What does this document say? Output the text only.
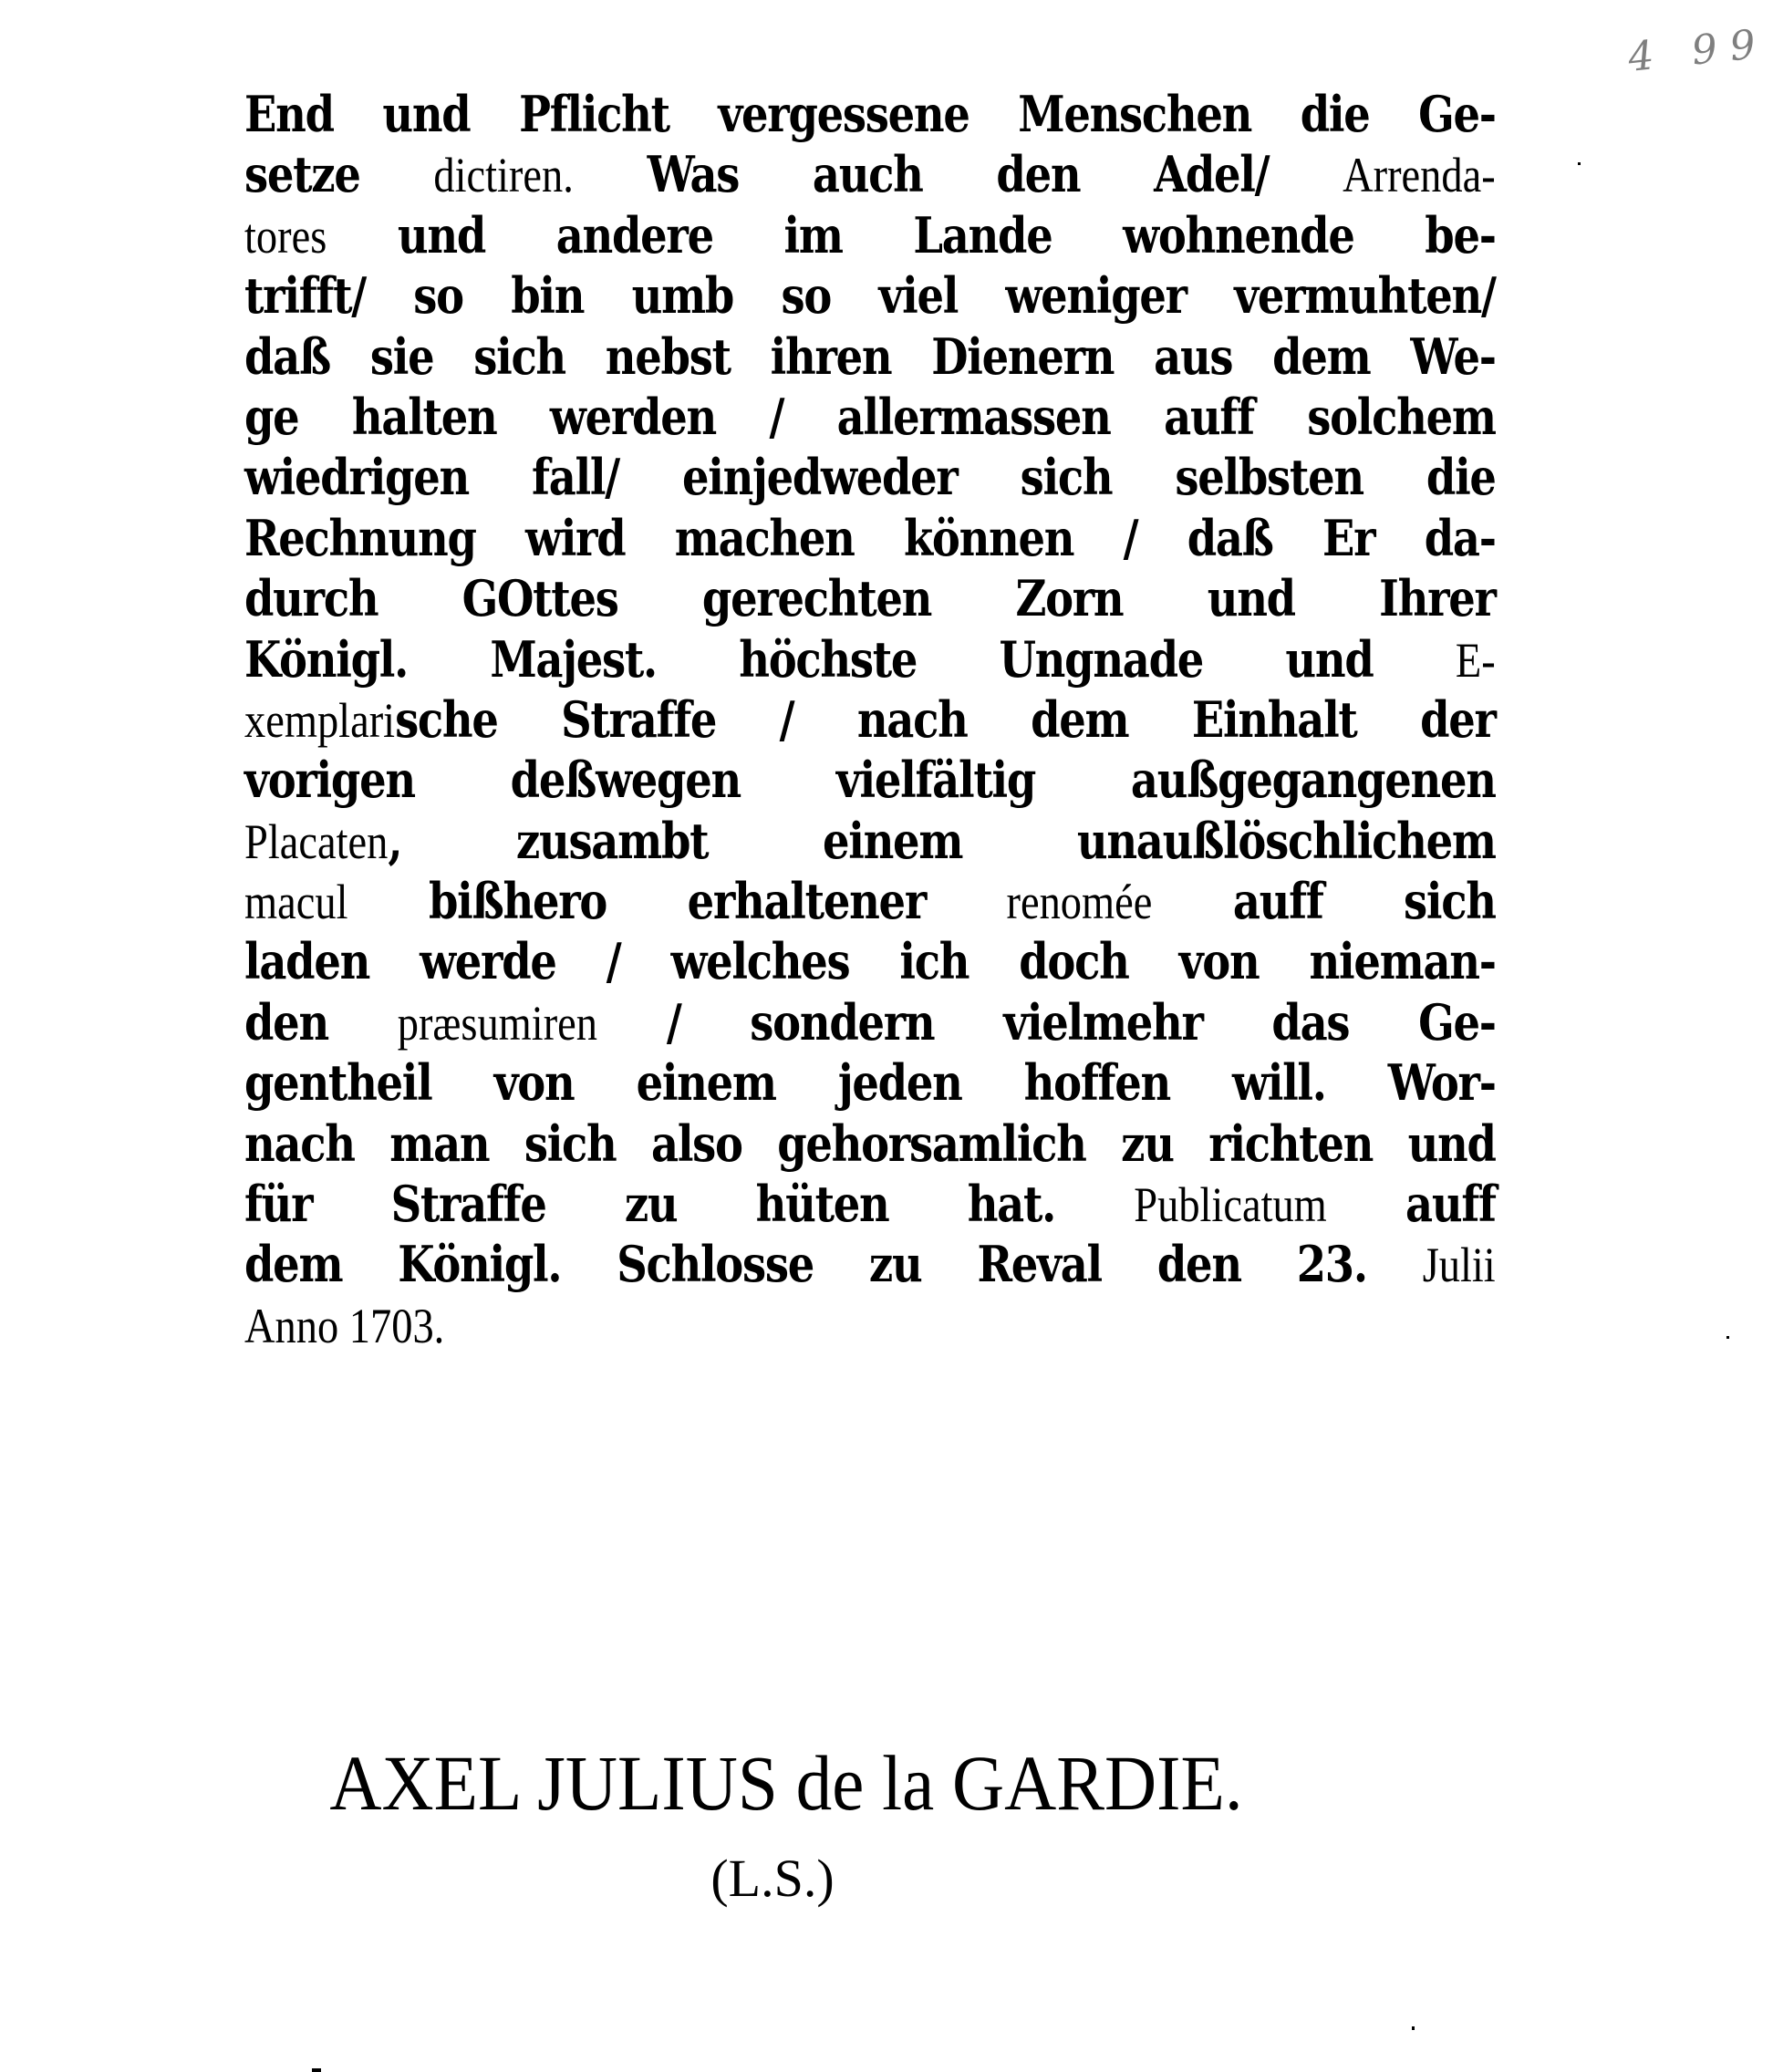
4 99
End und Pflicht vergessene Menschen die Ge-
setze dictiren. Was auch den Adel/ Arrenda-
tores und andere im Lande wohnende be-
trifft/ so bin umb so viel weniger vermuhten/
daß sie sich nebst ihren Dienern aus dem We-
ge halten werden / allermassen auff solchem
wiedrigen fall/ einjedweder sich selbsten die
Rechnung wird machen können / daß Er da-
durch GOttes gerechten Zorn und Ihrer
Königl. Majest. höchste Ungnade und E-
xemplarische Straffe / nach dem Einhalt der
vorigen deßwegen vielfältig außgegangenen
Placaten, zusambt einem unaußlöschlichem
macul bißhero erhaltener renomée auff sich
laden werde / welches ich doch von nieman-
den præsumiren / sondern vielmehr das Ge-
gentheil von einem jeden hoffen will. Wor-
nach man sich also gehorsamlich zu richten und
für Straffe zu hüten hat. Publicatum auff
dem Königl. Schlosse zu Reval den 23. Julii
Anno 1703.
AXEL JULIUS de la GARDIE.
(L.S.)
